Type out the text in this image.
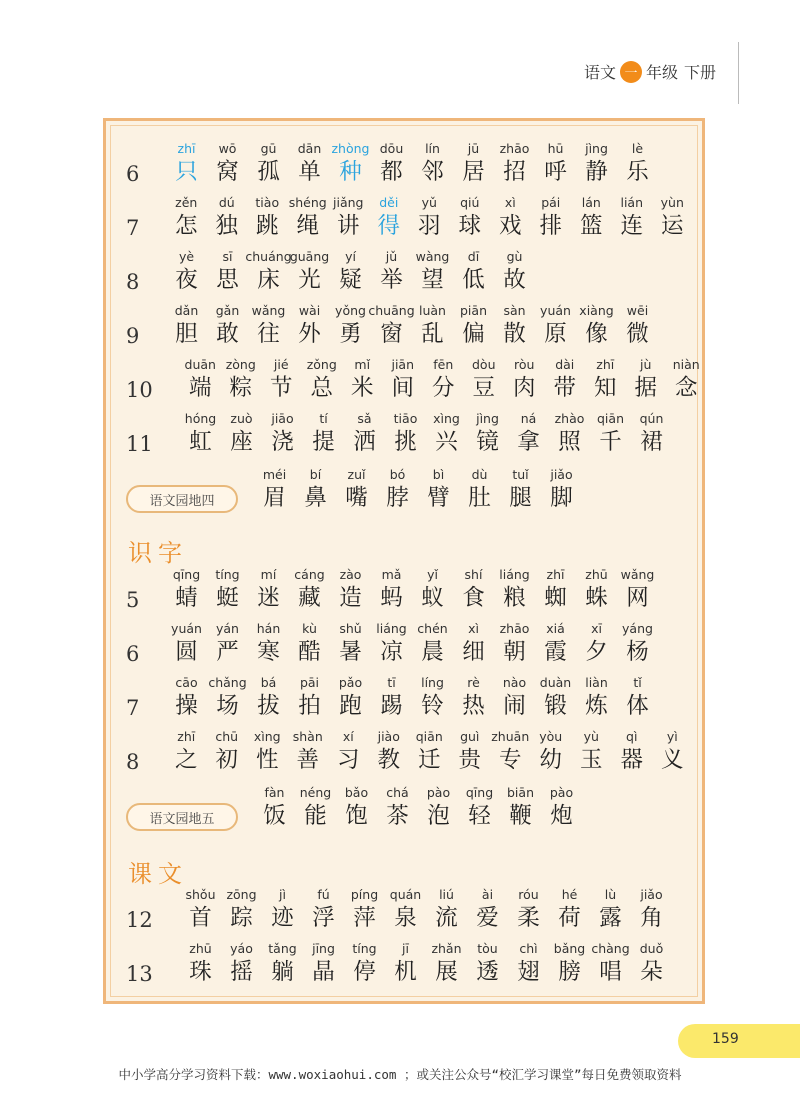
语文 一 年级 下册
6
zhī
只
wō
窝
gū
孤
dān
单
zhòng
种
dōu
都
lín
邻
jū
居
zhāo
招
hū
呼
jìng
静
lè
乐
7
zěn
怎
dú
独
tiào
跳
shéng
绳
jiǎng
讲
děi
得
yǔ
羽
qiú
球
xì
戏
pái
排
lán
篮
lián
连
yùn
运
8
yè
夜
sī
思
chuáng
床
guāng
光
yí
疑
jǔ
举
wàng
望
dī
低
gù
故
9
dǎn
胆
gǎn
敢
wǎng
往
wài
外
yǒng
勇
chuāng
窗
luàn
乱
piān
偏
sàn
散
yuán
原
xiàng
像
wēi
微
10
duān
端
zòng
粽
jié
节
zǒng
总
mǐ
米
jiān
间
fēn
分
dòu
豆
ròu
肉
dài
带
zhī
知
jù
据
niàn
念
11
hóng
虹
zuò
座
jiāo
浇
tí
提
sǎ
洒
tiāo
挑
xìng
兴
jìng
镜
ná
拿
zhào
照
qiān
千
qún
裙
语文园地四
méi
眉
bí
鼻
zuǐ
嘴
bó
脖
bì
臂
dù
肚
tuǐ
腿
jiǎo
脚
5
qīng
蜻
tíng
蜓
mí
迷
cáng
藏
zào
造
mǎ
蚂
yǐ
蚁
shí
食
liáng
粮
zhī
蜘
zhū
蛛
wǎng
网
6
yuán
圆
yán
严
hán
寒
kù
酷
shǔ
暑
liáng
凉
chén
晨
xì
细
zhāo
朝
xiá
霞
xī
夕
yáng
杨
7
cāo
操
chǎng
场
bá
拔
pāi
拍
pǎo
跑
tī
踢
líng
铃
rè
热
nào
闹
duàn
锻
liàn
炼
tǐ
体
8
zhī
之
chū
初
xìng
性
shàn
善
xí
习
jiào
教
qiān
迁
guì
贵
zhuān
专
yòu
幼
yù
玉
qì
器
yì
义
语文园地五
fàn
饭
néng
能
bǎo
饱
chá
茶
pào
泡
qīng
轻
biān
鞭
pào
炮
12
shǒu
首
zōng
踪
jì
迹
fú
浮
píng
萍
quán
泉
liú
流
ài
爱
róu
柔
hé
荷
lù
露
jiǎo
角
13
zhū
珠
yáo
摇
tǎng
躺
jīng
晶
tíng
停
jī
机
zhǎn
展
tòu
透
chì
翅
bǎng
膀
chàng
唱
duǒ
朵
识字
课文
159
中小学高分学习资料下载：www.woxiaohui.com ；或关注公众号“校汇学习课堂”每日免费领取资料
